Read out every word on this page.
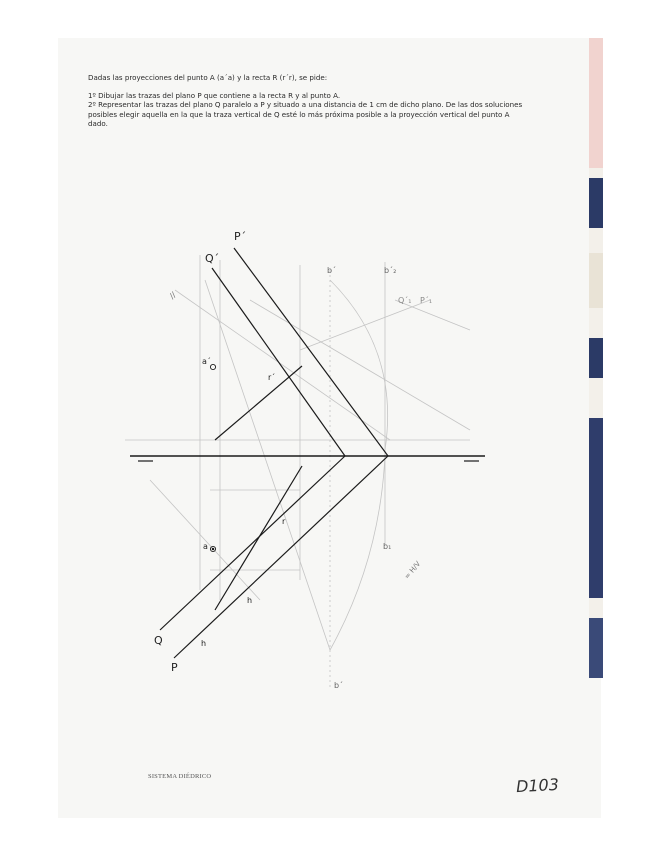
Dadas las proyecciones del punto A (a´a) y la recta R (r´r), se pide:

1º Dibujar las trazas del plano P que contiene a la recta R y al punto A.

2º Representar las trazas del plano Q paralelo a P y situado a una distancia de 1 cm de dicho plano. De las dos soluciones posibles elegir aquella en la que la traza vertical de Q esté lo más próxima posible a la proyección vertical del punto A dado.

P´
Q´
b´	b´₂
Q´₁ P´₁
a´
r´
r
a	b₁
h
h
Q
P
b´
= H/V
//
SISTEMA DIÉDRICO	D103
